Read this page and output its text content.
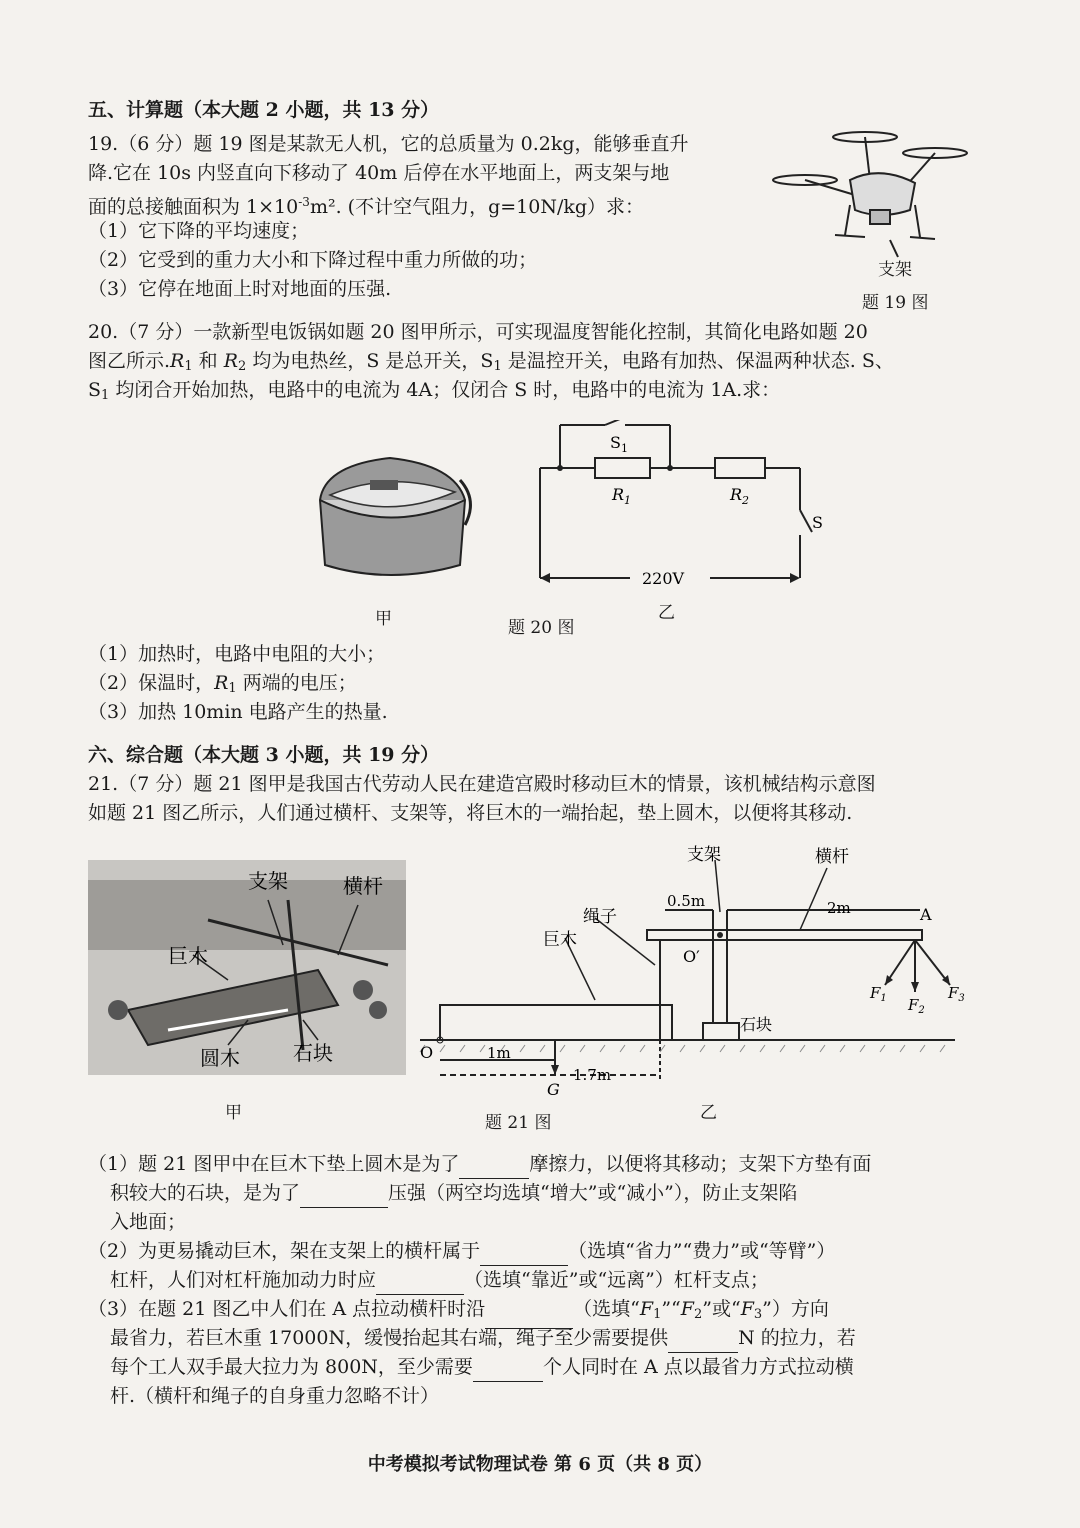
五、计算题（本大题 2 小题，共 13 分）
19.（6 分）题 19 图是某款无人机，它的总质量为 0.2kg，能够垂直升
降.它在 10s 内竖直向下移动了 40m 后停在水平地面上，两支架与地
面的总接触面积为 $1\times 10^{-3}m^2$. (不计空气阻力，g=10N/kg）求：
（1）它下降的平均速度；
（2）它受到的重力大小和下降过程中重力所做的功；
（3）它停在地面上时对地面的压强.
支架
题 19 图
20.（7 分）一款新型电饭锅如题 20 图甲所示，可实现温度智能化控制，其简化电路如题 20
图乙所示$.R_1$ 和 $R_2$ 均为电热丝，S 是总开关，$S_1$ 是温控开关，电路有加热、保温两种状态. S、
$S_1$ 均闭合开始加热，电路中的电流为 4A；仅闭合 S 时，电路中的电流为 1A.求：
甲
$S_1$
$R_1$	$R_2$
S
220V
题 20 图
乙
（1）加热时，电路中电阻的大小；
（2）保温时，$R_1$ 两端的电压；
（3）加热 10min 电路产生的热量.
六、综合题（本大题 3 小题，共 19 分）
21.（7 分）题 21 图甲是我国古代劳动人民在建造宫殿时移动巨木的情景，该机械结构示意图
如题 21 图乙所示，人们通过横杆、支架等，将巨木的一端抬起，垫上圆木，以便将其移动.
支架	横杆
巨木
圆木	石块
甲
支架	横杆
绳子
巨木
0.5m	2m	A
O′
$F_1$ $F_2$
$F_3$
石块
O	1m
1.7m
G
题 21 图	乙
（1）题 21 图甲中在巨木下垫上圆木是为了	摩擦力，以便将其移动；支架下方垫有面
积较大的石块，是为了	压强（两空均选填“增大”或“减小”），防止支架陷
入地面；
（2）为更易撬动巨木，架在支架上的横杆属于	（选填“省力”“费力”或“等臂”）
杠杆，人们对杠杆施加动力时应	（选填“靠近”或“远离”）杠杆支点；
（3）在题 21 图乙中人们在 A 点拉动横杆时沿	（选填“$F_1”“F_2$”或“$F_3$”）方向
最省力，若巨木重 17000N，缓慢抬起其右端，绳子至少需要提供	N 的拉力，若
每个工人双手最大拉力为 800N，至少需要	个人同时在 A 点以最省力方式拉动横
杆.（横杆和绳子的自身重力忽略不计）
中考模拟考试物理试卷 第 6 页（共 8 页）
